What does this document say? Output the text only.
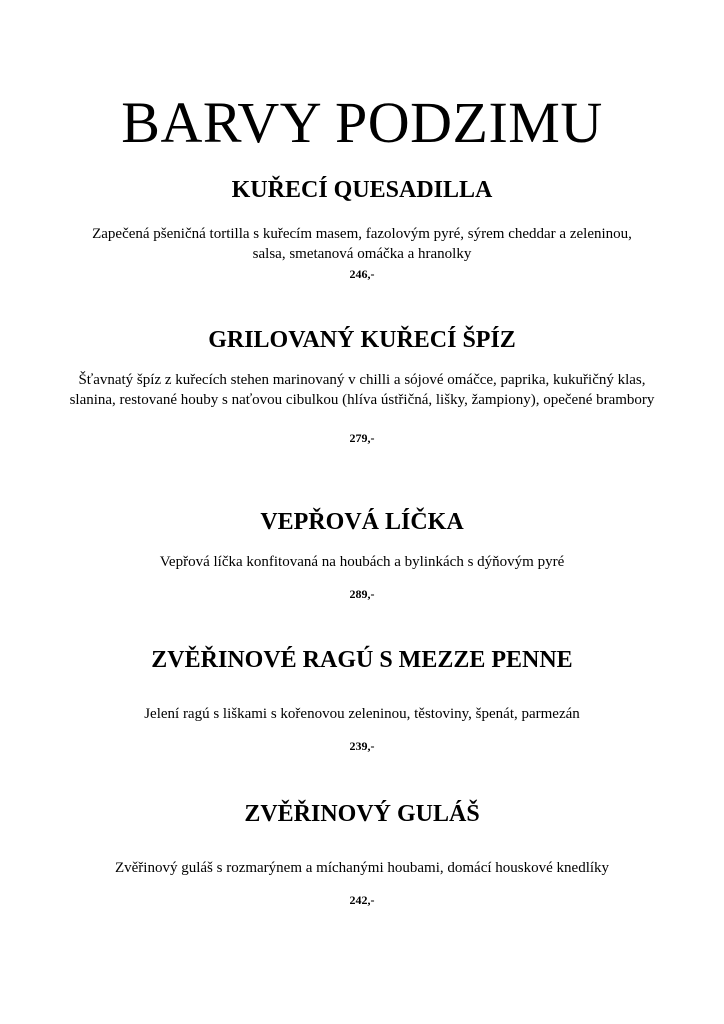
BARVY PODZIMU

KUŘECÍ QUESADILLA

Zapečená pšeničná tortilla s kuřecím masem, fazolovým pyré, sýrem cheddar a zeleninou, salsa, smetanová omáčka a hranolky

246,-

GRILOVANÝ KUŘECÍ ŠPÍZ

Šťavnatý špíz z kuřecích stehen marinovaný v chilli a sójové omáčce, paprika, kukuřičný klas, slanina, restované houby s naťovou cibulkou (hlíva ústřičná, lišky, žampiony), opečené brambory

279,-

VEPŘOVÁ LÍČKA

Vepřová líčka konfitovaná na houbách a bylinkách s dýňovým pyré

289,-

ZVĚŘINOVÉ RAGÚ S MEZZE PENNE

Jelení ragú s liškami s kořenovou zeleninou, těstoviny, špenát, parmezán

239,-

ZVĚŘINOVÝ GULÁŠ

Zvěřinový guláš s rozmarýnem a míchanými houbami, domácí houskové knedlíky

242,-
